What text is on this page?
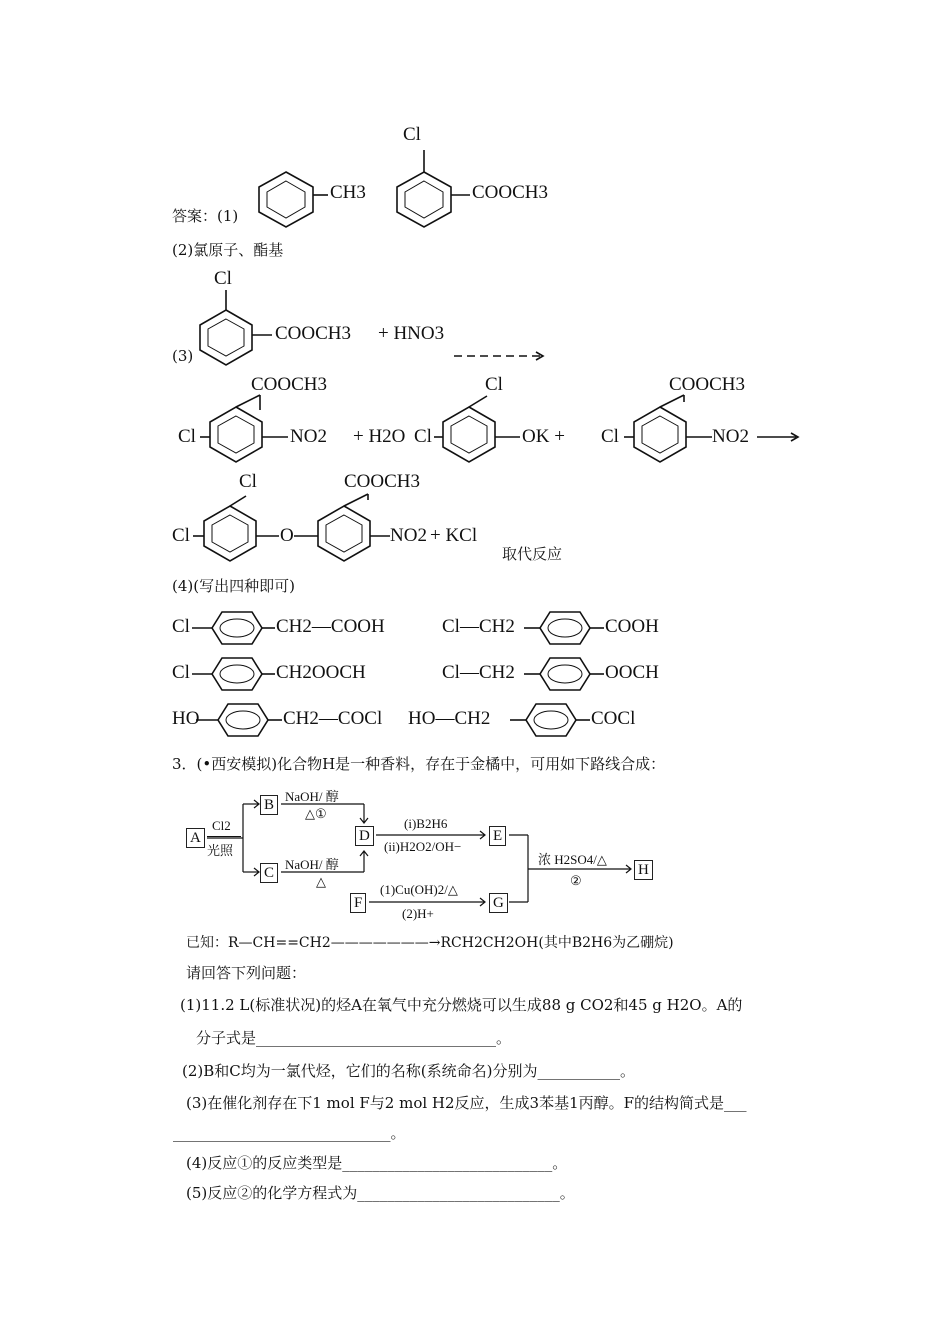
Cl
答案：(1)
CH3	COOCH3
(2)氯原子、酯基
Cl
COOCH3 + HNO3
(3)
COOCH3
Cl	NO2 + H2O
Cl
Cl	OK +
COOCH3
Cl	NO2
Cl	COOCH3
Cl	O	NO2 + KCl
取代反应
(4)(写出四种即可)
Cl	CH2—COOH	Cl—CH2	COOH
Cl	CH2OOCH	Cl—CH2	OOCH
HO	CH2—COCl HO—CH2	COCl
3．(•西安模拟)化合物H是一种香料，存在于金橘中，可用如下路线合成：
A
Cl2
光照
B
C
D	E
F	G
H
NaOH/ 醇
△①
NaOH/ 醇
△
(i)B2H6
(ii)H2O2/OH−
(1)Cu(OH)2/△
(2)H+
浓 H2SO4/△
②
已知：R—CH==CH2———————→RCH2CH2OH(其中B2H6为乙硼烷)
请回答下列问题：
(1)11.2 L(标准状况)的烃A在氧气中充分燃烧可以生成88 g CO2和45 g H2O。A的
分子式是________________________________。
(2)B和C均为一氯代烃，它们的名称(系统命名)分别为___________。
(3)在催化剂存在下1 mol F与2 mol H2反应，生成3苯基1丙醇。F的结构简式是___
_____________________________。
(4)反应①的反应类型是____________________________。
(5)反应②的化学方程式为___________________________。
